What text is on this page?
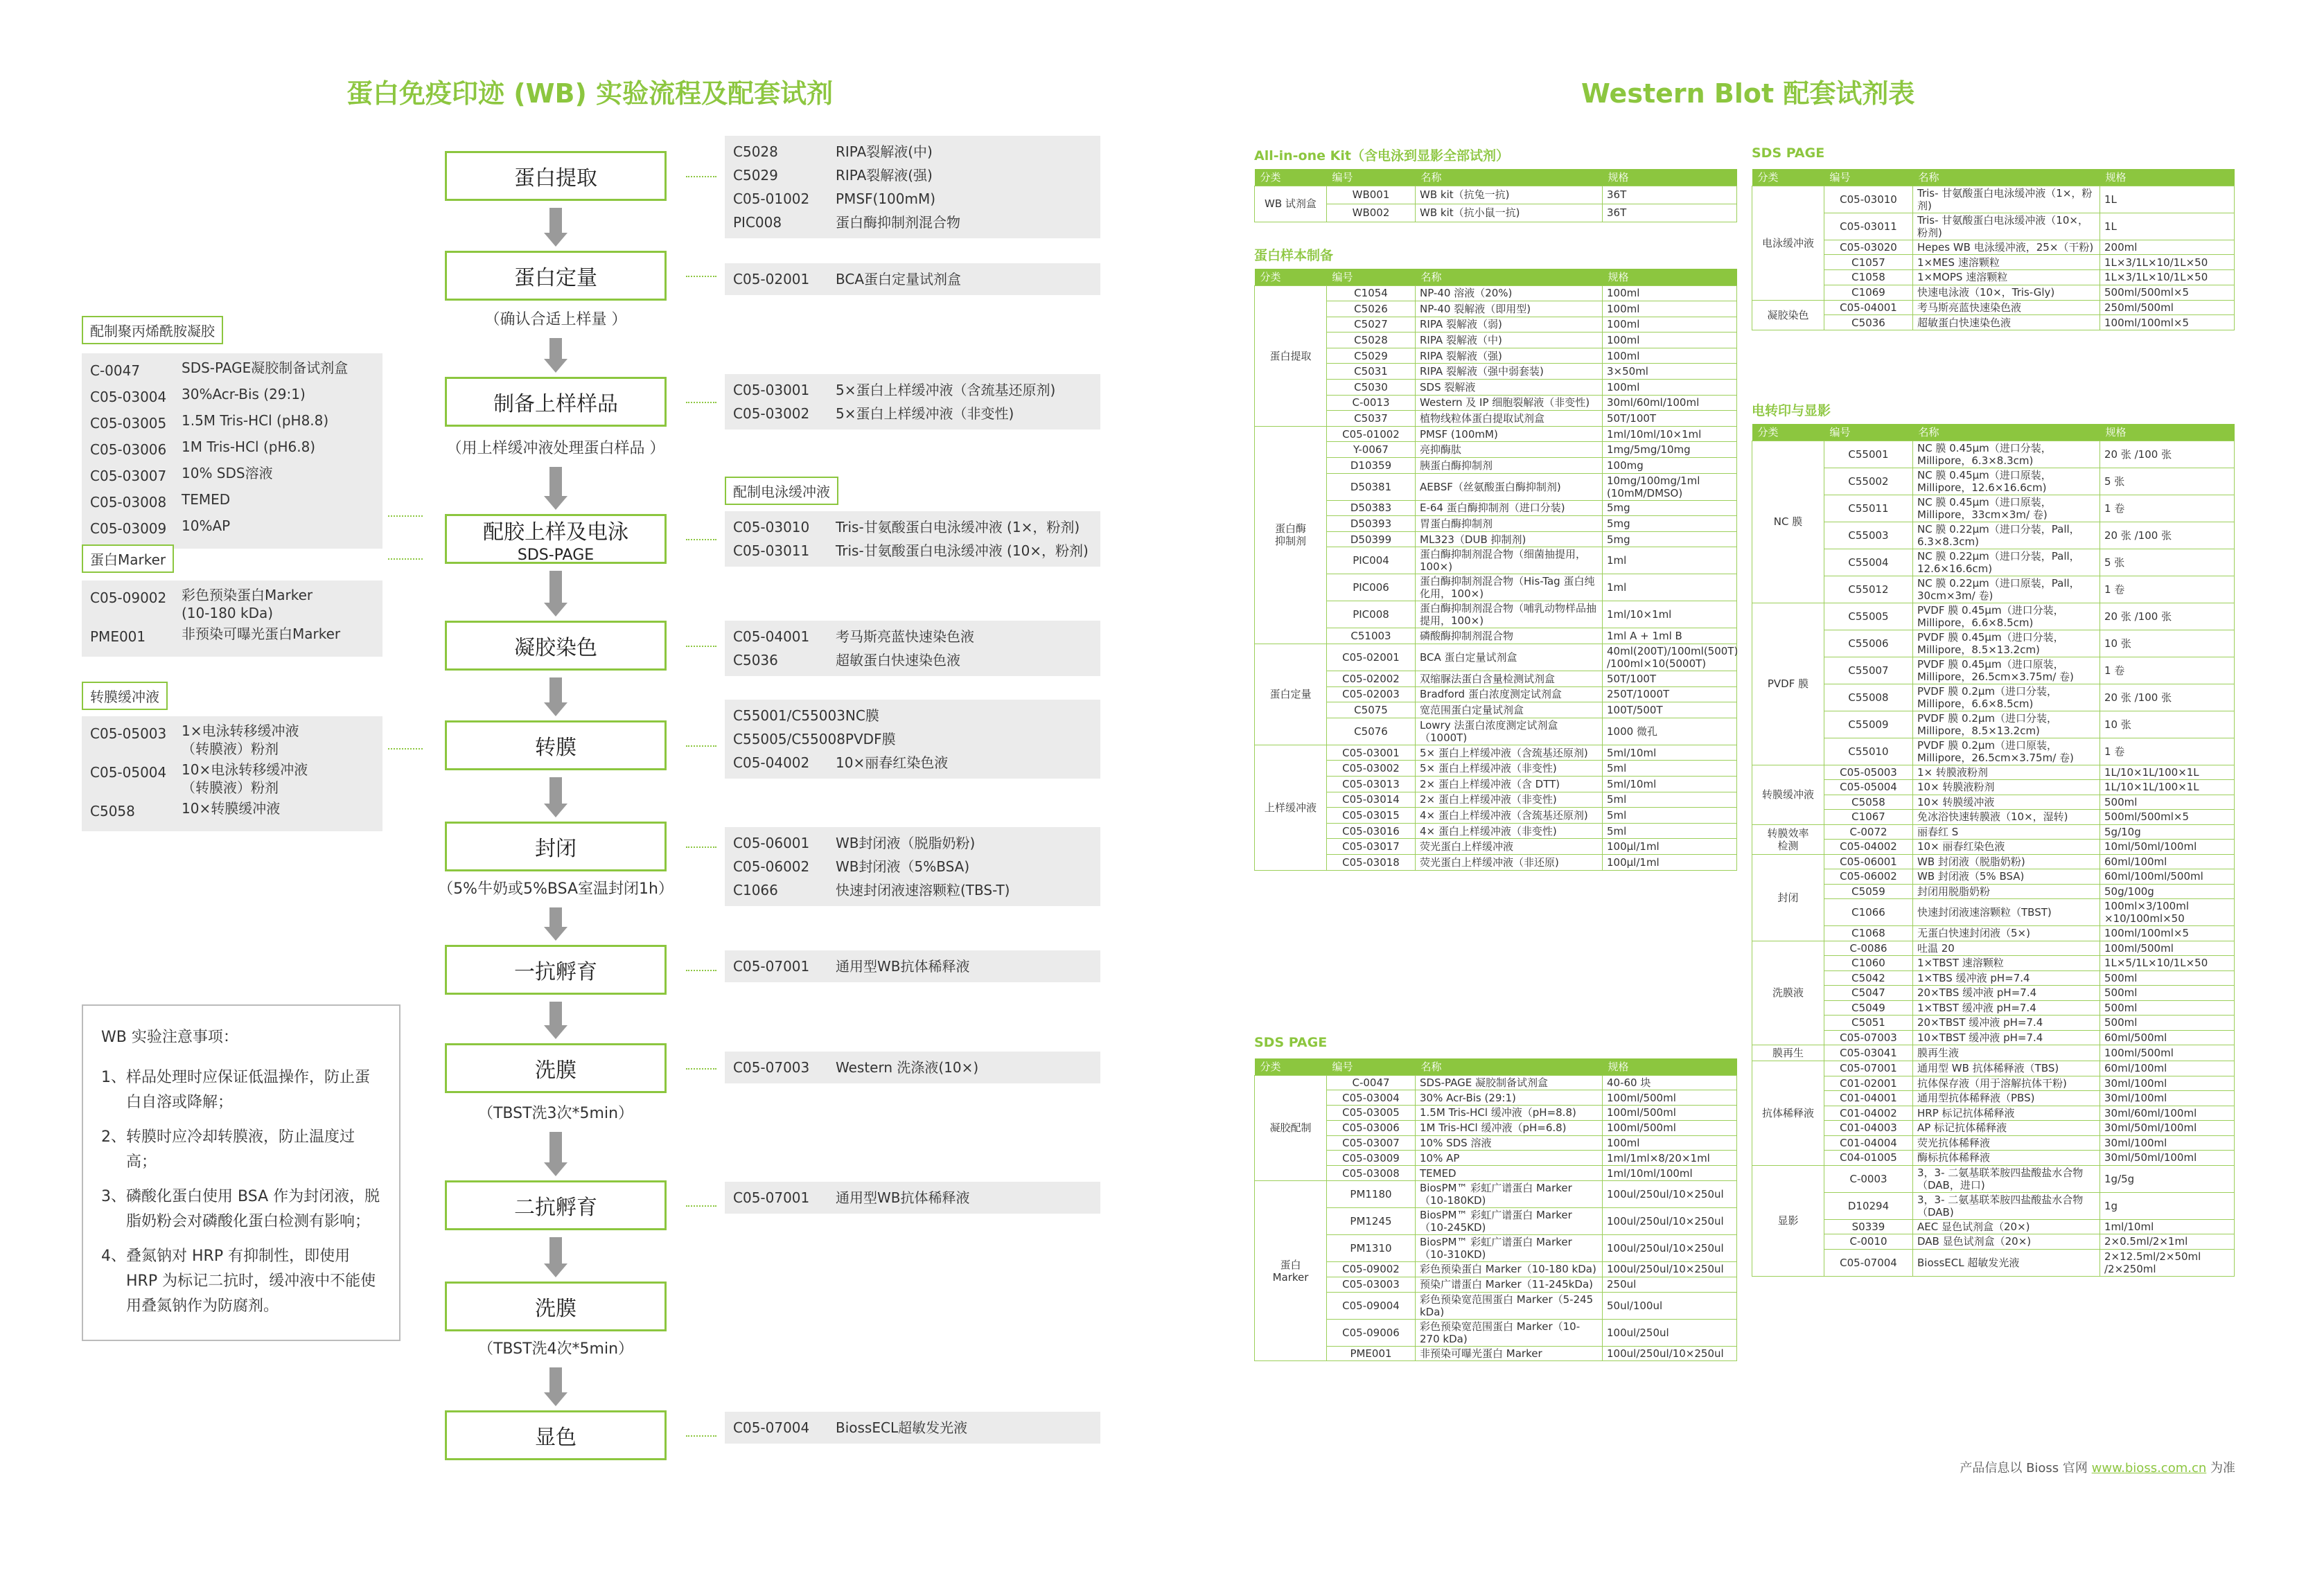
蛋白免疫印迹 (WB) 实验流程及配套试剂	Western Blot 配套试剂表
蛋白提取
C5028	RIPA裂解液(中)
C5029	RIPA裂解液(强)
C05-01002	PMSF(100mM)
PIC008	蛋白酶抑制剂混合物
蛋白定量
（确认合适上样量 ）
C05-02001	BCA蛋白定量试剂盒
制备上样样品
（用上样缓冲液处理蛋白样品 ）
C05-03001	5×蛋白上样缓冲液（含巯基还原剂)
C05-03002	5×蛋白上样缓冲液（非变性)
配胶上样及电泳
SDS-PAGE
配制电泳缓冲液
C05-03010	Tris-甘氨酸蛋白电泳缓冲液 (1×，粉剂)
C05-03011	Tris-甘氨酸蛋白电泳缓冲液 (10×，粉剂)
凝胶染色	C05-04001	考马斯亮蓝快速染色液
C5036	超敏蛋白快速染色液
转膜
C55001/C55003 NC膜
C55005/C55008 PVDF膜
C05-04002	10×丽春红染色液
封闭
（5%牛奶或5%BSA室温封闭1h）
C05-06001	WB封闭液（脱脂奶粉)
C05-06002	WB封闭液（5%BSA)
C1066	快速封闭液速溶颗粒(TBS-T)
一抗孵育	C05-07001	通用型WB抗体稀释液
洗膜
（TBST洗3次*5min）
C05-07003	Western 洗涤液(10×)
二抗孵育	C05-07001	通用型WB抗体稀释液
洗膜
（TBST洗4次*5min）
显色	C05-07004	BiossECL超敏发光液
配制聚丙烯酰胺凝胶
C-0047	SDS-PAGE凝胶制备试剂盒
C05-03004	30%Acr-Bis (29:1)
C05-03005	1.5M Tris-HCl (pH8.8)
C05-03006	1M Tris-HCl (pH6.8)
C05-03007	10% SDS溶液
C05-03008	TEMED
C05-03009	10%AP
蛋白Marker
C05-09002	彩色预染蛋白Marker
(10-180 kDa)
PME001	非预染可曝光蛋白Marker
转膜缓冲液
C05-05003	1×电泳转移缓冲液
（转膜液）粉剂
C05-05004	10×电泳转移缓冲液
（转膜液）粉剂
C5058	10×转膜缓冲液
WB 实验注意事项：
1、 样品处理时应保证低温操作，防止蛋白自溶或降解；
2、 转膜时应冷却转膜液，防止温度过高；
3、 磷酸化蛋白使用 BSA 作为封闭液，脱脂奶粉会对磷酸化蛋白检测有影响；
4、 叠氮钠对 HRP 有抑制性，即使用 HRP 为标记二抗时，缓冲液中不能使用叠氮钠作为防腐剂。
All-in-one Kit（含电泳到显影全部试剂）
分类	编号	名称	规格
WB 试剂盒	WB001	WB kit（抗兔一抗)	36T
	WB002	WB kit（抗小鼠一抗)	36T
蛋白样本制备
分类	编号	名称	规格
蛋白提取	C1054	NP-40 溶液（20%)	100ml
	C5026	NP-40 裂解液（即用型)	100ml
	C5027	RIPA 裂解液（弱)	100ml
	C5028	RIPA 裂解液（中)	100ml
	C5029	RIPA 裂解液（强)	100ml
	C5031	RIPA 裂解液（强中弱套装)	3×50ml
	C5030	SDS 裂解液	100ml
	C-0013	Western 及 IP 细胞裂解液（非变性)	30ml/60ml/100ml
	C5037	植物线粒体蛋白提取试剂盒	50T/100T
蛋白酶
抑制剂	C05-01002	PMSF (100mM)	1ml/10ml/10×1ml
	Y-0067	亮抑酶肽	1mg/5mg/10mg
	D10359	胰蛋白酶抑制剂	100mg
	D50381	AEBSF（丝氨酸蛋白酶抑制剂)	10mg/100mg/1ml
(10mM/DMSO)
	D50383	E-64 蛋白酶抑制剂（进口分装)	5mg
	D50393	胃蛋白酶抑制剂	5mg
	D50399	ML323（DUB 抑制剂)	5mg
	PIC004	蛋白酶抑制剂混合物（细菌抽提用，100×)	1ml
	PIC006	蛋白酶抑制剂混合物（His-Tag 蛋白纯化用，100×)	1ml
	PIC008	蛋白酶抑制剂混合物（哺乳动物样品抽提用，100×)	1ml/10×1ml
	C51003	磷酸酶抑制剂混合物	1ml A + 1ml B
蛋白定量	C05-02001	BCA 蛋白定量试剂盒	40ml(200T)/100ml(500T)
/100ml×10(5000T)
	C05-02002	双缩脲法蛋白含量检测试剂盒	50T/100T
	C05-02003	Bradford 蛋白浓度测定试剂盒	250T/1000T
	C5075	宽范围蛋白定量试剂盒	100T/500T
	C5076	Lowry 法蛋白浓度测定试剂盒（1000T)	1000 微孔
上样缓冲液	C05-03001	5× 蛋白上样缓冲液（含巯基还原剂)	5ml/10ml
	C05-03002	5× 蛋白上样缓冲液（非变性)	5ml
	C05-03013	2× 蛋白上样缓冲液（含 DTT)	5ml/10ml
	C05-03014	2× 蛋白上样缓冲液（非变性)	5ml
	C05-03015	4× 蛋白上样缓冲液（含巯基还原剂)	5ml
	C05-03016	4× 蛋白上样缓冲液（非变性)	5ml
	C05-03017	荧光蛋白上样缓冲液	100μl/1ml
	C05-03018	荧光蛋白上样缓冲液（非还原)	100μl/1ml
SDS PAGE
分类	编号	名称	规格
凝胶配制	C-0047	SDS-PAGE 凝胶制备试剂盒	40-60 块
	C05-03004	30% Acr-Bis (29:1)	100ml/500ml
	C05-03005	1.5M Tris-HCl 缓冲液（pH=8.8)	100ml/500ml
	C05-03006	1M Tris-HCl 缓冲液（pH=6.8)	100ml/500ml
	C05-03007	10% SDS 溶液	100ml
	C05-03009	10% AP	1ml/1ml×8/20×1ml
	C05-03008	TEMED	1ml/10ml/100ml
蛋白
Marker	PM1180	BiosPM™ 彩虹广谱蛋白 Marker（10-180KD)	100ul/250ul/10×250ul
	PM1245	BiosPM™ 彩虹广谱蛋白 Marker（10-245KD)	100ul/250ul/10×250ul
	PM1310	BiosPM™ 彩虹广谱蛋白 Marker（10-310KD)	100ul/250ul/10×250ul
	C05-09002	彩色预染蛋白 Marker（10-180 kDa)	100ul/250ul/10×250ul
	C05-03003	预染广谱蛋白 Marker（11-245kDa)	250ul
	C05-09004	彩色预染宽范围蛋白 Marker（5-245 kDa)	50ul/100ul
	C05-09006	彩色预染宽范围蛋白 Marker（10-270 kDa)	100ul/250ul
	PME001	非预染可曝光蛋白 Marker	100ul/250ul/10×250ul
SDS PAGE
分类	编号	名称	规格
电泳缓冲液	C05-03010	Tris- 甘氨酸蛋白电泳缓冲液（1×，粉剂)	1L
	C05-03011	Tris- 甘氨酸蛋白电泳缓冲液（10×，粉剂)	1L
	C05-03020	Hepes WB 电泳缓冲液，25×（干粉)	200ml
	C1057	1×MES 速溶颗粒	1L×3/1L×10/1L×50
	C1058	1×MOPS 速溶颗粒	1L×3/1L×10/1L×50
	C1069	快速电泳液（10×，Tris-Gly)	500ml/500ml×5
凝胶染色	C05-04001	考马斯亮蓝快速染色液	250ml/500ml
	C5036	超敏蛋白快速染色液	100ml/100ml×5
电转印与显影
分类	编号	名称	规格
NC 膜	C55001	NC 膜 0.45μm（进口分装，Millipore，6.3×8.3cm)	20 张 /100 张
	C55002	NC 膜 0.45μm（进口原装，Millipore，12.6×16.6cm)	5 张
	C55011	NC 膜 0.45μm（进口原装，Millipore，33cm×3m/ 卷)	1 卷
	C55003	NC 膜 0.22μm（进口分装，Pall，6.3×8.3cm)	20 张 /100 张
	C55004	NC 膜 0.22μm（进口分装，Pall，12.6×16.6cm)	5 张
	C55012	NC 膜 0.22μm（进口原装，Pall，30cm×3m/ 卷)	1 卷
PVDF 膜	C55005	PVDF 膜 0.45μm（进口分装，Millipore，6.6×8.5cm)	20 张 /100 张
	C55006	PVDF 膜 0.45μm（进口分装，Millipore，8.5×13.2cm)	10 张
	C55007	PVDF 膜 0.45μm（进口原装，Millipore，26.5cm×3.75m/ 卷)	1 卷
	C55008	PVDF 膜 0.2μm（进口分装，Millipore，6.6×8.5cm)	20 张 /100 张
	C55009	PVDF 膜 0.2μm（进口分装，Millipore，8.5×13.2cm)	10 张
	C55010	PVDF 膜 0.2μm（进口原装，Millipore，26.5cm×3.75m/ 卷)	1 卷
转膜缓冲液	C05-05003	1× 转膜液粉剂	1L/10×1L/100×1L
	C05-05004	10× 转膜液粉剂	1L/10×1L/100×1L
	C5058	10× 转膜缓冲液	500ml
	C1067	免冰浴快速转膜液（10×，湿转)	500ml/500ml×5
转膜效率
检测	C-0072	丽春红 S	5g/10g
	C05-04002	10× 丽春红染色液	10ml/50ml/100ml
封闭	C05-06001	WB 封闭液（脱脂奶粉)	60ml/100ml
	C05-06002	WB 封闭液（5% BSA)	60ml/100ml/500ml
	C5059	封闭用脱脂奶粉	50g/100g
	C1066	快速封闭液速溶颗粒（TBST)	100ml×3/100ml
×10/100ml×50
	C1068	无蛋白快速封闭液（5×)	100ml/100ml×5
洗膜液	C-0086	吐温 20	100ml/500ml
	C1060	1×TBST 速溶颗粒	1L×5/1L×10/1L×50
	C5042	1×TBS 缓冲液 pH=7.4	500ml
	C5047	20×TBS 缓冲液 pH=7.4	500ml
	C5049	1×TBST 缓冲液 pH=7.4	500ml
	C5051	20×TBST 缓冲液 pH=7.4	500ml
	C05-07003	10×TBST 缓冲液 pH=7.4	60ml/500ml
膜再生	C05-03041	膜再生液	100ml/500ml
抗体稀释液	C05-07001	通用型 WB 抗体稀释液（TBS)	60ml/100ml
	C01-02001	抗体保存液（用于溶解抗体干粉)	30ml/100ml
	C01-04001	通用型抗体稀释液（PBS)	30ml/100ml
	C01-04002	HRP 标记抗体稀释液	30ml/60ml/100ml
	C01-04003	AP 标记抗体稀释液	30ml/50ml/100ml
	C01-04004	荧光抗体稀释液	30ml/100ml
	C04-01005	酶标抗体稀释液	30ml/50ml/100ml
显影	C-0003	3，3- 二氨基联苯胺四盐酸盐水合物（DAB，进口)	1g/5g
	D10294	3，3- 二氨基联苯胺四盐酸盐水合物（DAB)	1g
	S0339	AEC 显色试剂盒（20×)	1ml/10ml
	C-0010	DAB 显色试剂盒（20×)	2×0.5ml/2×1ml
	C05-07004	BiossECL 超敏发光液	2×12.5ml/2×50ml
/2×250ml
产品信息以 Bioss 官网 www.bioss.com.cn 为准
